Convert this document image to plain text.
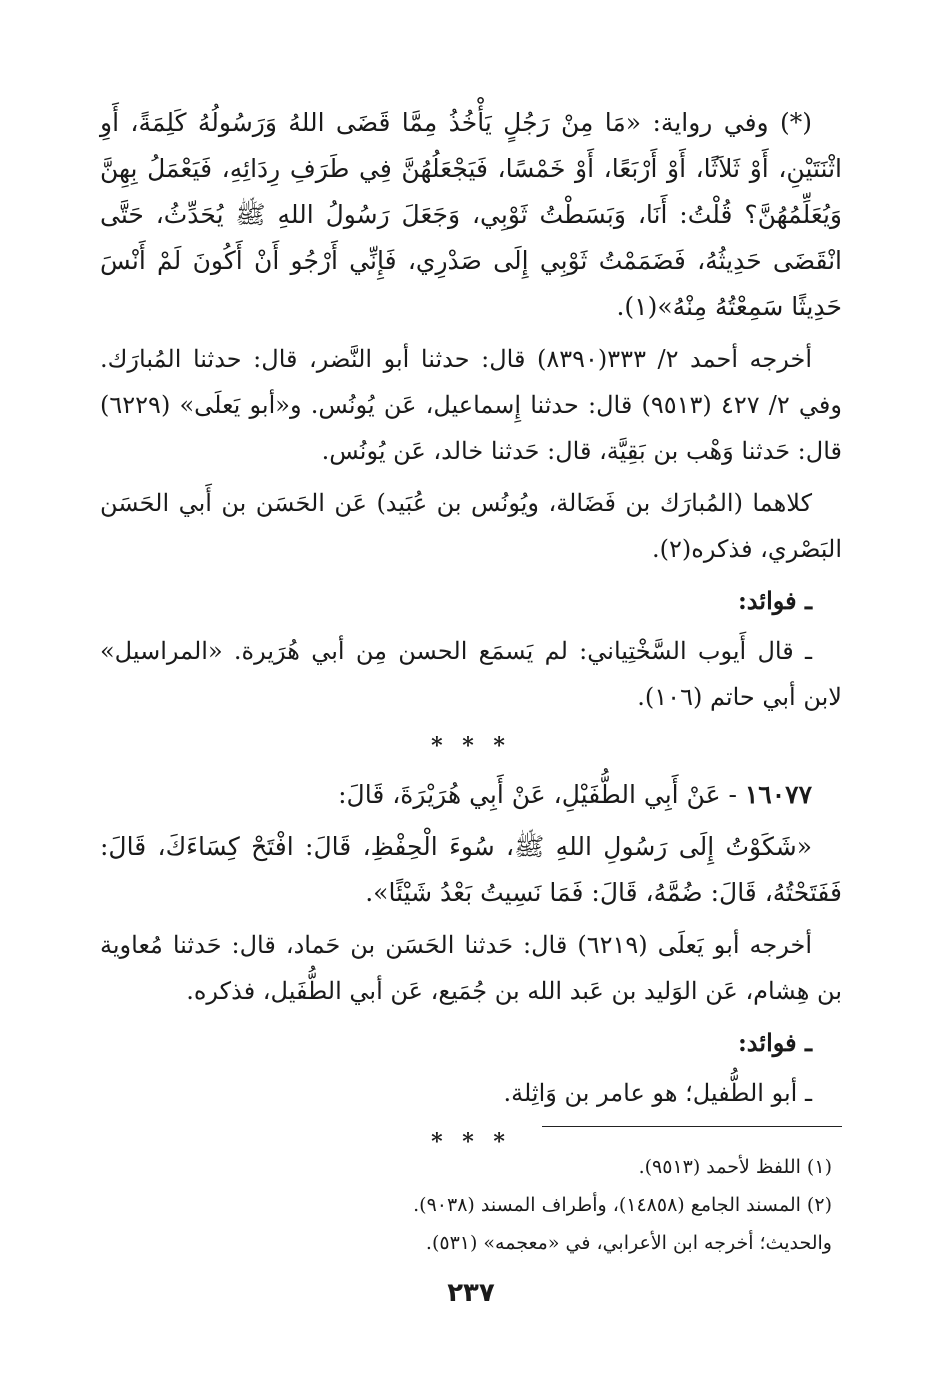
(*) وفي رواية: «مَا مِنْ رَجُلٍ يَأْخُذُ مِمَّا قَضَى اللهُ وَرَسُولُهُ كَلِمَةً، أَوِ اثْنَتَيْنِ، أَوْ ثَلاَثًا، أَوْ أَرْبَعًا، أَوْ خَمْسًا، فَيَجْعَلُهُنَّ فِي طَرَفِ رِدَائِهِ، فَيَعْمَلُ بِهِنَّ وَيُعَلِّمُهُنَّ؟ قُلْتُ: أَنَا، وَبَسَطْتُ ثَوْبِي، وَجَعَلَ رَسُولُ اللهِ ﷺ يُحَدِّثُ، حَتَّى انْقَضَى حَدِيثُهُ، فَضَمَمْتُ ثَوْبِي إِلَى صَدْرِي، فَإِنِّي أَرْجُو أَنْ أَكُونَ لَمْ أَنْسَ حَدِيثًا سَمِعْتُهُ مِنْهُ»(١).

أخرجه أحمد ٢/ ٣٣٣(٨٣٩٠) قال: حدثنا أبو النَّضر، قال: حدثنا المُبارَك. وفي ٢/ ٤٢٧ (٩٥١٣) قال: حدثنا إِسماعيل، عَن يُونُس. و«أبو يَعلَى» (٦٢٢٩) قال: حَدثنا وَهْب بن بَقِيَّة، قال: حَدثنا خالد، عَن يُونُس.

كلاهما (المُبارَك بن فَضَالة، ويُونُس بن عُبَيد) عَن الحَسَن بن أَبي الحَسَن البَصْري، فذكره(٢).

ـ فوائد:

ـ قال أَيوب السَّخْتِياني: لم يَسمَع الحسن مِن أبي هُرَيرة. «المراسيل» لابن أبي حاتم (١٠٦).

* * *

١٦٠٧٧ - عَنْ أَبِي الطُّفَيْلِ، عَنْ أَبِي هُرَيْرَةَ، قَالَ:

«شَكَوْتُ إِلَى رَسُولِ اللهِ ﷺ، سُوءَ الْحِفْظِ، قَالَ: افْتَحْ كِسَاءَكَ، قَالَ: فَفَتَحْتُهُ، قَالَ: ضُمَّهُ، قَالَ: فَمَا نَسِيتُ بَعْدُ شَيْئًا».

أخرجه أبو يَعلَى (٦٢١٩) قال: حَدثنا الحَسَن بن حَماد، قال: حَدثنا مُعاوية بن هِشام، عَن الوَليد بن عَبد الله بن جُمَيع، عَن أبي الطُّفَيل، فذكره.

ـ فوائد:

ـ أبو الطُّفيل؛ هو عامر بن وَاثِلة.

* * *

(١) اللفظ لأحمد (٩٥١٣).

(٢) المسند الجامع (١٤٨٥٨)، وأطراف المسند (٩٠٣٨).

والحديث؛ أخرجه ابن الأعرابي، في «معجمه» (٥٣١).

٢٣٧
